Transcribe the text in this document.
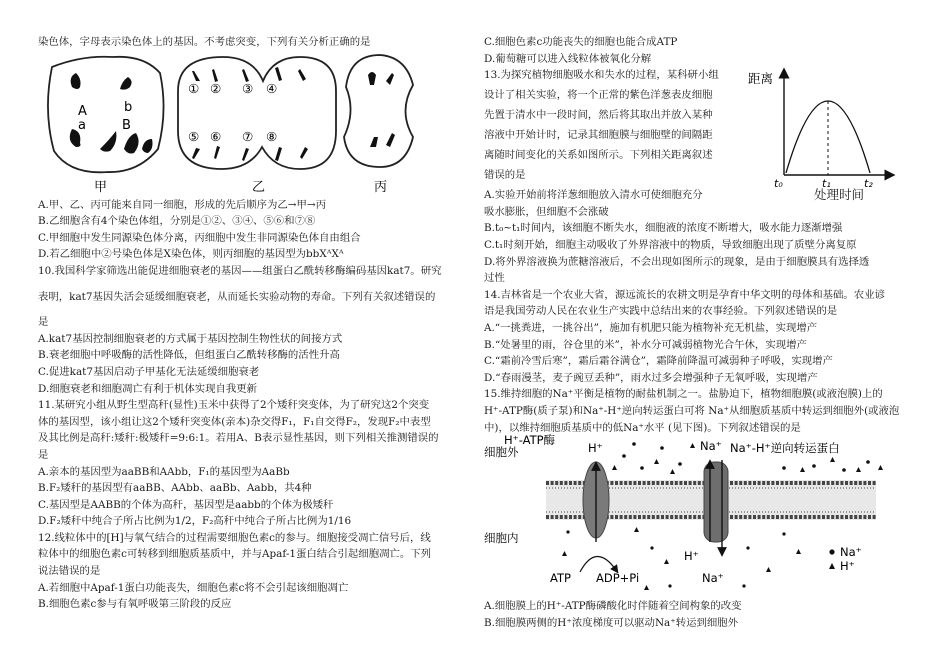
染色体，字母表示染色体上的基因。不考虑突变，下列有关分析正确的是
A	b
a	B
① ② ③ ④
⑤ ⑥ ⑦ ⑧
甲	乙	丙
A.甲、乙、丙可能来自同一细胞，形成的先后顺序为乙→甲→丙
B.乙细胞含有4个染色体组，分别是①②、③④、⑤⑥和⑦⑧
C.甲细胞中发生同源染色体分离，丙细胞中发生非同源染色体自由组合
D.若乙细胞中②号染色体是X染色体，则丙细胞的基因型为bbXᴬXᴬ
10.我国科学家筛选出能促进细胞衰老的基因——组蛋白乙酰转移酶编码基因kat7。研究
表明，kat7基因失活会延缓细胞衰老，从而延长实验动物的寿命。下列有关叙述错误的
是
A.kat7基因控制细胞衰老的方式属于基因控制生物性状的间接方式
B.衰老细胞中呼吸酶的活性降低，但组蛋白乙酰转移酶的活性升高
C.促进kat7基因启动子甲基化无法延缓细胞衰老
D.细胞衰老和细胞凋亡有利于机体实现自我更新
11.某研究小组从野生型高秆(显性)玉米中获得了2个矮秆突变体，为了研究这2个突变
体的基因型，该小组让这2个矮秆突变体(亲本)杂交得F₁，F₁自交得F₂，发现F₂中表型
及其比例是高秆:矮秆:极矮秆=9:6:1。若用A、B表示显性基因，则下列相关推测错误的
是
A.亲本的基因型为aaBB和AAbb，F₁的基因型为AaBb
B.F₂矮秆的基因型有aaBB、AAbb、aaBb、Aabb，共4种
C.基因型是AABB的个体为高秆，基因型是aabb的个体为极矮秆
D.F₂矮秆中纯合子所占比例为1/2，F₂高秆中纯合子所占比例为1/16
12.线粒体中的[H]与氧气结合的过程需要细胞色素c的参与。细胞接受凋亡信号后，线
粒体中的细胞色素c可转移到细胞质基质中，并与Apaf-1蛋白结合引起细胞凋亡。下列
说法错误的是
A.若细胞中Apaf-1蛋白功能丧失，细胞色素c将不会引起该细胞凋亡
B.细胞色素c参与有氧呼吸第三阶段的反应
C.细胞色素c功能丧失的细胞也能合成ATP
D.葡萄糖可以进入线粒体被氧化分解
13.为探究植物细胞吸水和失水的过程，某科研小组
设计了相关实验，将一个正常的紫色洋葱表皮细胞
先置于清水中一段时间，然后将其取出并放入某种
溶液中开始计时，记录其细胞膜与细胞壁的间隔距
离随时间变化的关系如图所示。下列相关距离叙述
错误的是
距离
t₀	t₁	t₂
处理时间
A.实验开始前将洋葱细胞放入清水可使细胞充分
吸水膨胀，但细胞不会涨破
B.t₀~t₁时间内，该细胞不断失水，细胞液的浓度不断增大，吸水能力逐渐增强
C.t₁时刻开始，细胞主动吸收了外界溶液中的物质，导致细胞出现了质壁分离复原
D.将外界溶液换为蔗糖溶液后，不会出现如图所示的现象，是由于细胞膜具有选择透
过性
14.吉林省是一个农业大省，源远流长的农耕文明是孕育中华文明的母体和基础。农业谚
语是我国劳动人民在农业生产实践中总结出来的农事经验。下列叙述错误的是
A.“一挑粪进，一挑谷出”，施加有机肥只能为植物补充无机盐，实现增产
B.“处暑里的雨，谷仓里的米”，补水分可减弱植物光合午休，实现增产
C.“霜前冷雪后寒”，霜后霜谷满仓”，霜降前降温可减弱种子呼吸，实现增产
D.“春雨漫茎，麦子豌豆丢种”，雨水过多会增强种子无氧呼吸，实现增产
15.维持细胞的Na⁺平衡是植物的耐盐机制之一。盐胁迫下，植物细胞膜(或液泡膜)上的
H⁺-ATP酶(质子泵)和Na⁺-H⁺逆向转运蛋白可将 Na⁺从细胞质基质中转运到细胞外(或液泡
中)，以维持细胞质基质中的低Na⁺水平 (见下图)。下列叙述错误的是
H⁺-ATP酶
细胞外
细胞内
Na⁺-H⁺逆向转运蛋白
H⁺	Na⁺
H⁺
Na⁺
ATP ADP+Pi
Na⁺
H⁺
A.细胞膜上的H⁺-ATP酶磷酸化时伴随着空间构象的改变
B.细胞膜两侧的H⁺浓度梯度可以驱动Na⁺转运到细胞外
